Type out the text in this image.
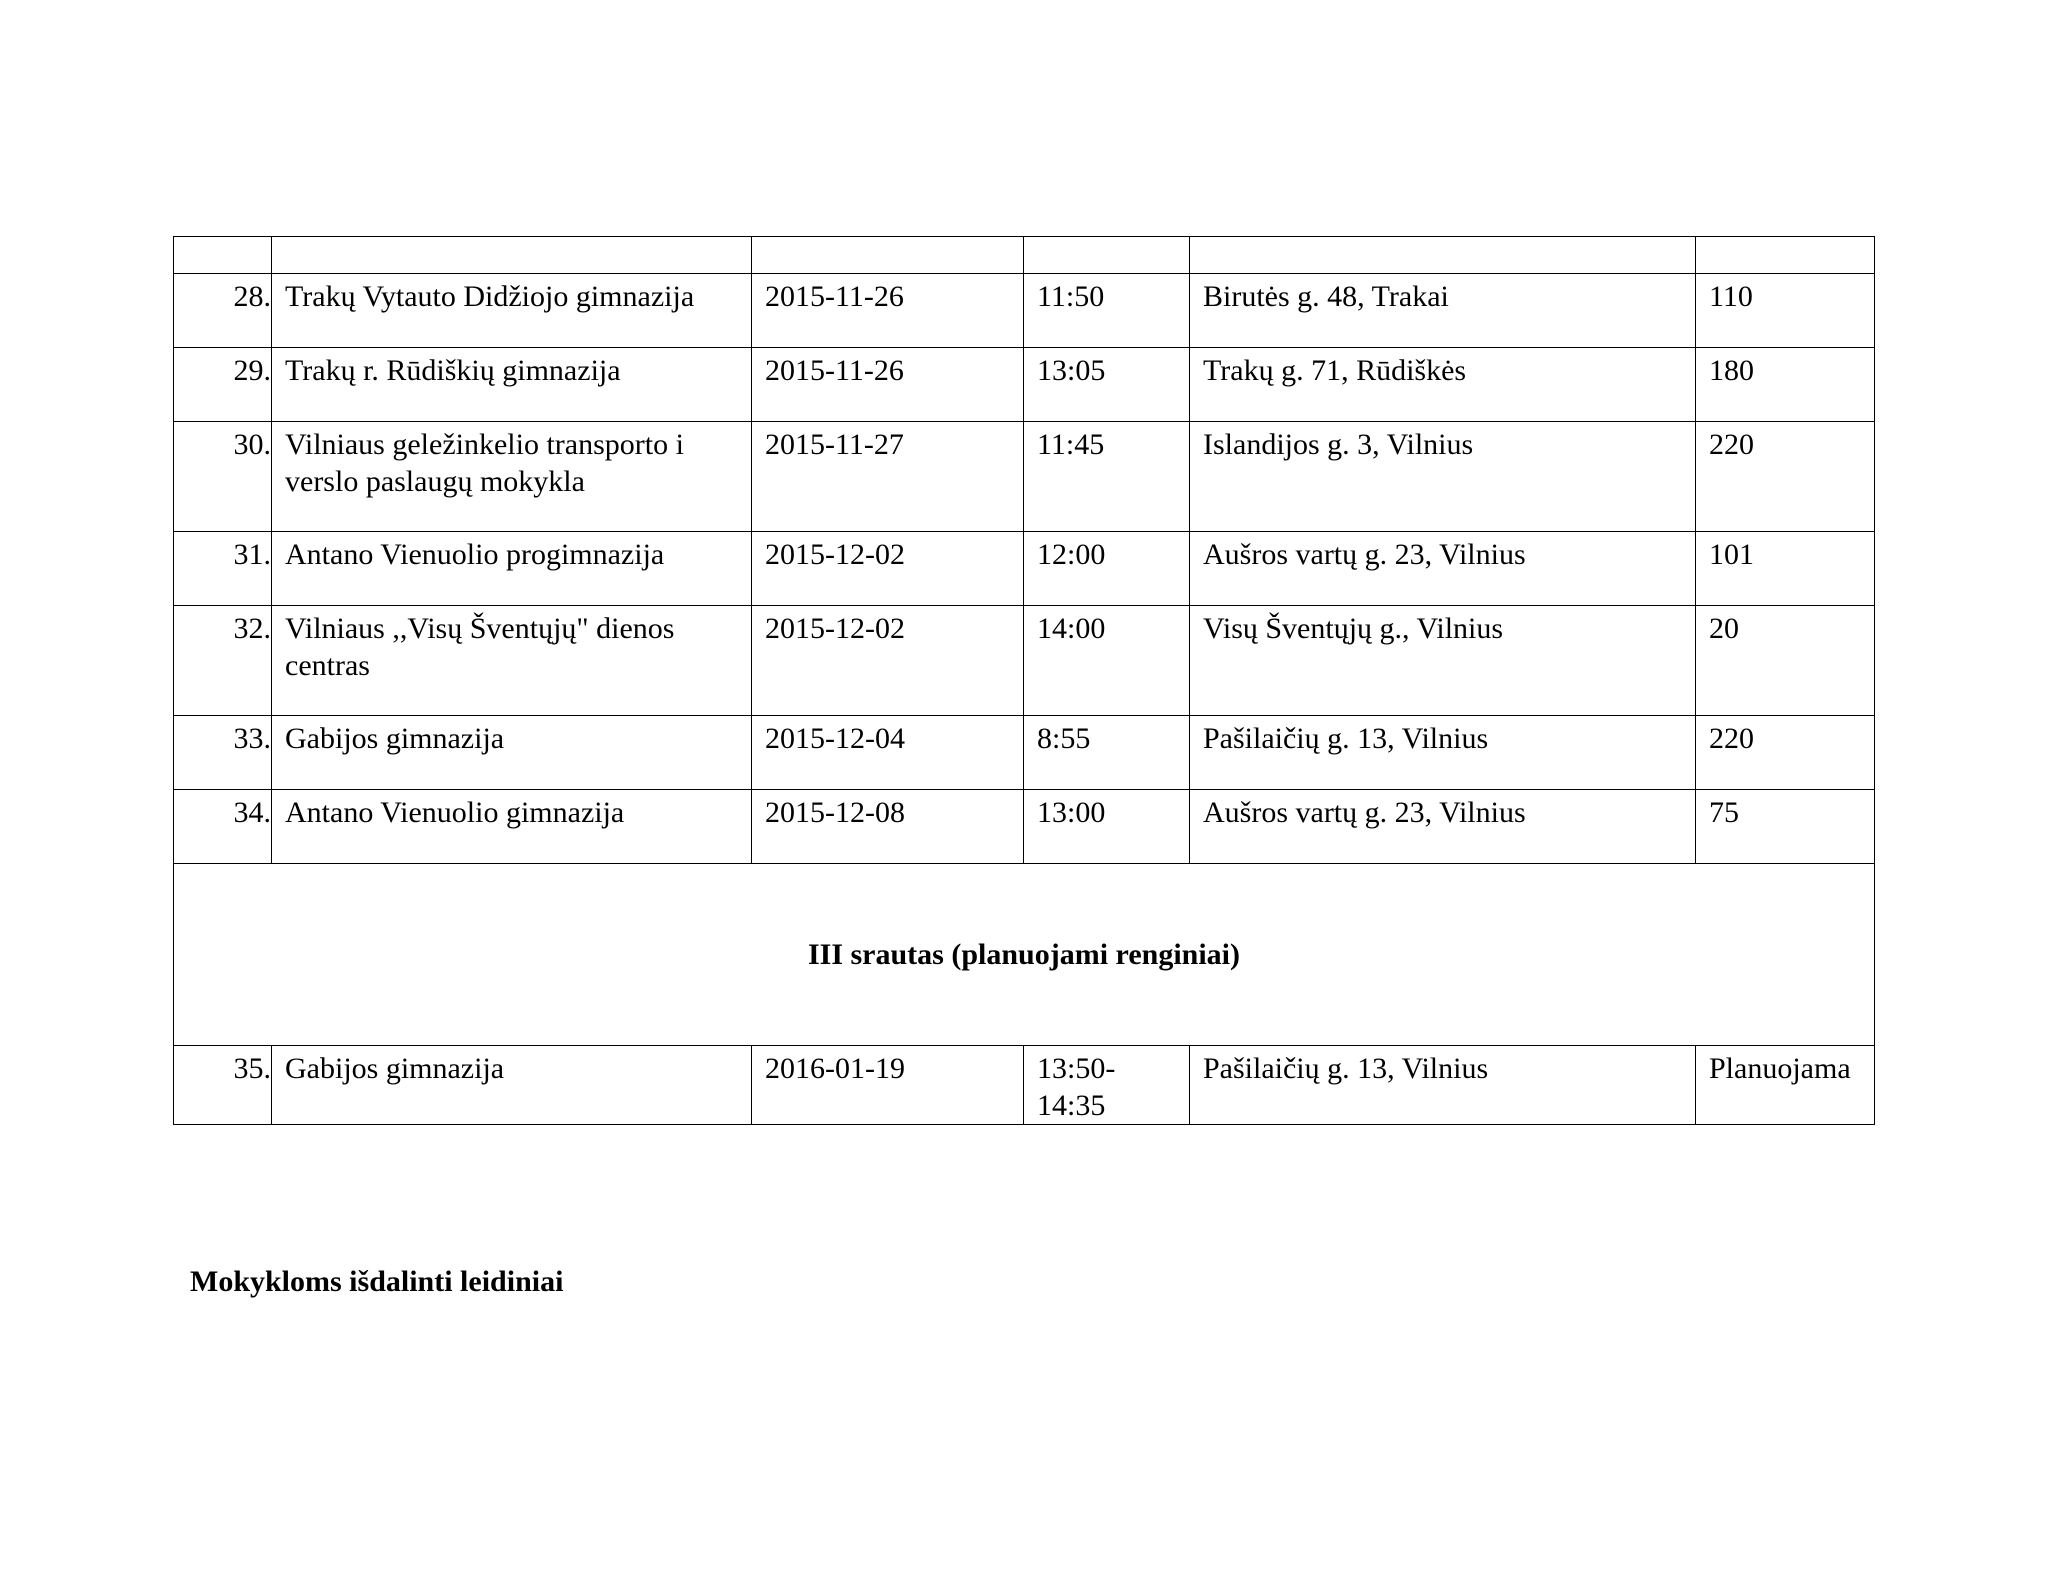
28.	Trakų Vytauto Didžiojo gimnazija	2015-11-26	11:50	Birutės g. 48, Trakai	110
29.	Trakų r. Rūdiškių gimnazija	2015-11-26	13:05	Trakų g. 71, Rūdiškės	180
30.	Vilniaus geležinkelio transporto i verslo paslaugų mokykla	2015-11-27	11:45	Islandijos g. 3, Vilnius	220
31.	Antano Vienuolio progimnazija	2015-12-02	12:00	Aušros vartų g. 23, Vilnius	101
32.	Vilniaus ,,Visų Šventųjų" dienos centras	2015-12-02	14:00	Visų Šventųjų g., Vilnius	20
33.	Gabijos gimnazija	2015-12-04	8:55	Pašilaičių g. 13, Vilnius	220
34.	Antano Vienuolio gimnazija	2015-12-08	13:00	Aušros vartų g. 23, Vilnius	75
III srautas (planuojami renginiai)					
35.	Gabijos gimnazija	2016-01-19	13:50-14:35	Pašilaičių g. 13, Vilnius	Planuojama
Mokykloms išdalinti leidiniai
